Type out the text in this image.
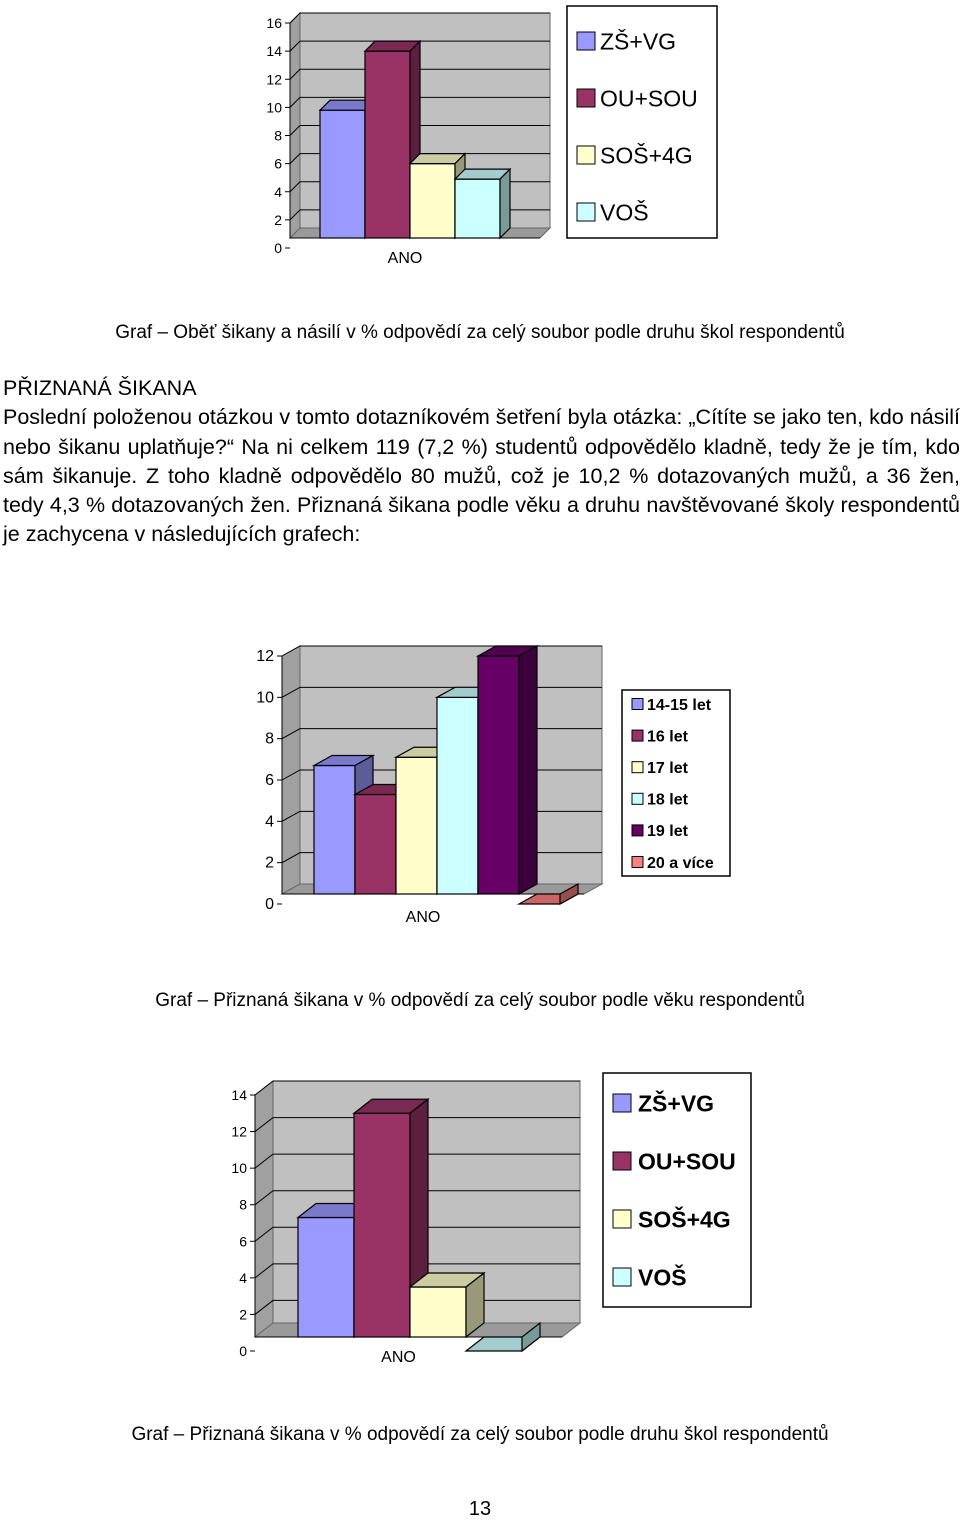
0
2
4
6
8
10
12
14
16
ANO
ZŠ+VG
OU+SOU
SOŠ+4G
VOŠ
Graf – Oběť šikany a násilí v % odpovědí za celý soubor podle druhu škol respondentů
PŘIZNANÁ ŠIKANA

Poslední položenou otázkou v tomto dotazníkovém šetření byla otázka: „Cítíte se jako ten, kdo násilí nebo šikanu uplatňuje?“ Na ni celkem 119 (7,2 %) studentů odpovědělo kladně, tedy že je tím, kdo sám šikanuje. Z toho kladně odpovědělo 80 mužů, což je 10,2 % dotazovaných mužů, a 36 žen, tedy 4,3 % dotazovaných žen. Přiznaná šikana podle věku a druhu navštěvované školy respondentů je zachycena v následujících grafech:

0
2
4
6
8
10
12
ANO
14-15 let
16 let
17 let
18 let
19 let
20 a více
Graf – Přiznaná šikana v % odpovědí za celý soubor podle věku respondentů
0
2
4
6
8
10
12
14
ANO
ZŠ+VG
OU+SOU
SOŠ+4G
VOŠ
Graf – Přiznaná šikana v % odpovědí za celý soubor podle druhu škol respondentů
13
